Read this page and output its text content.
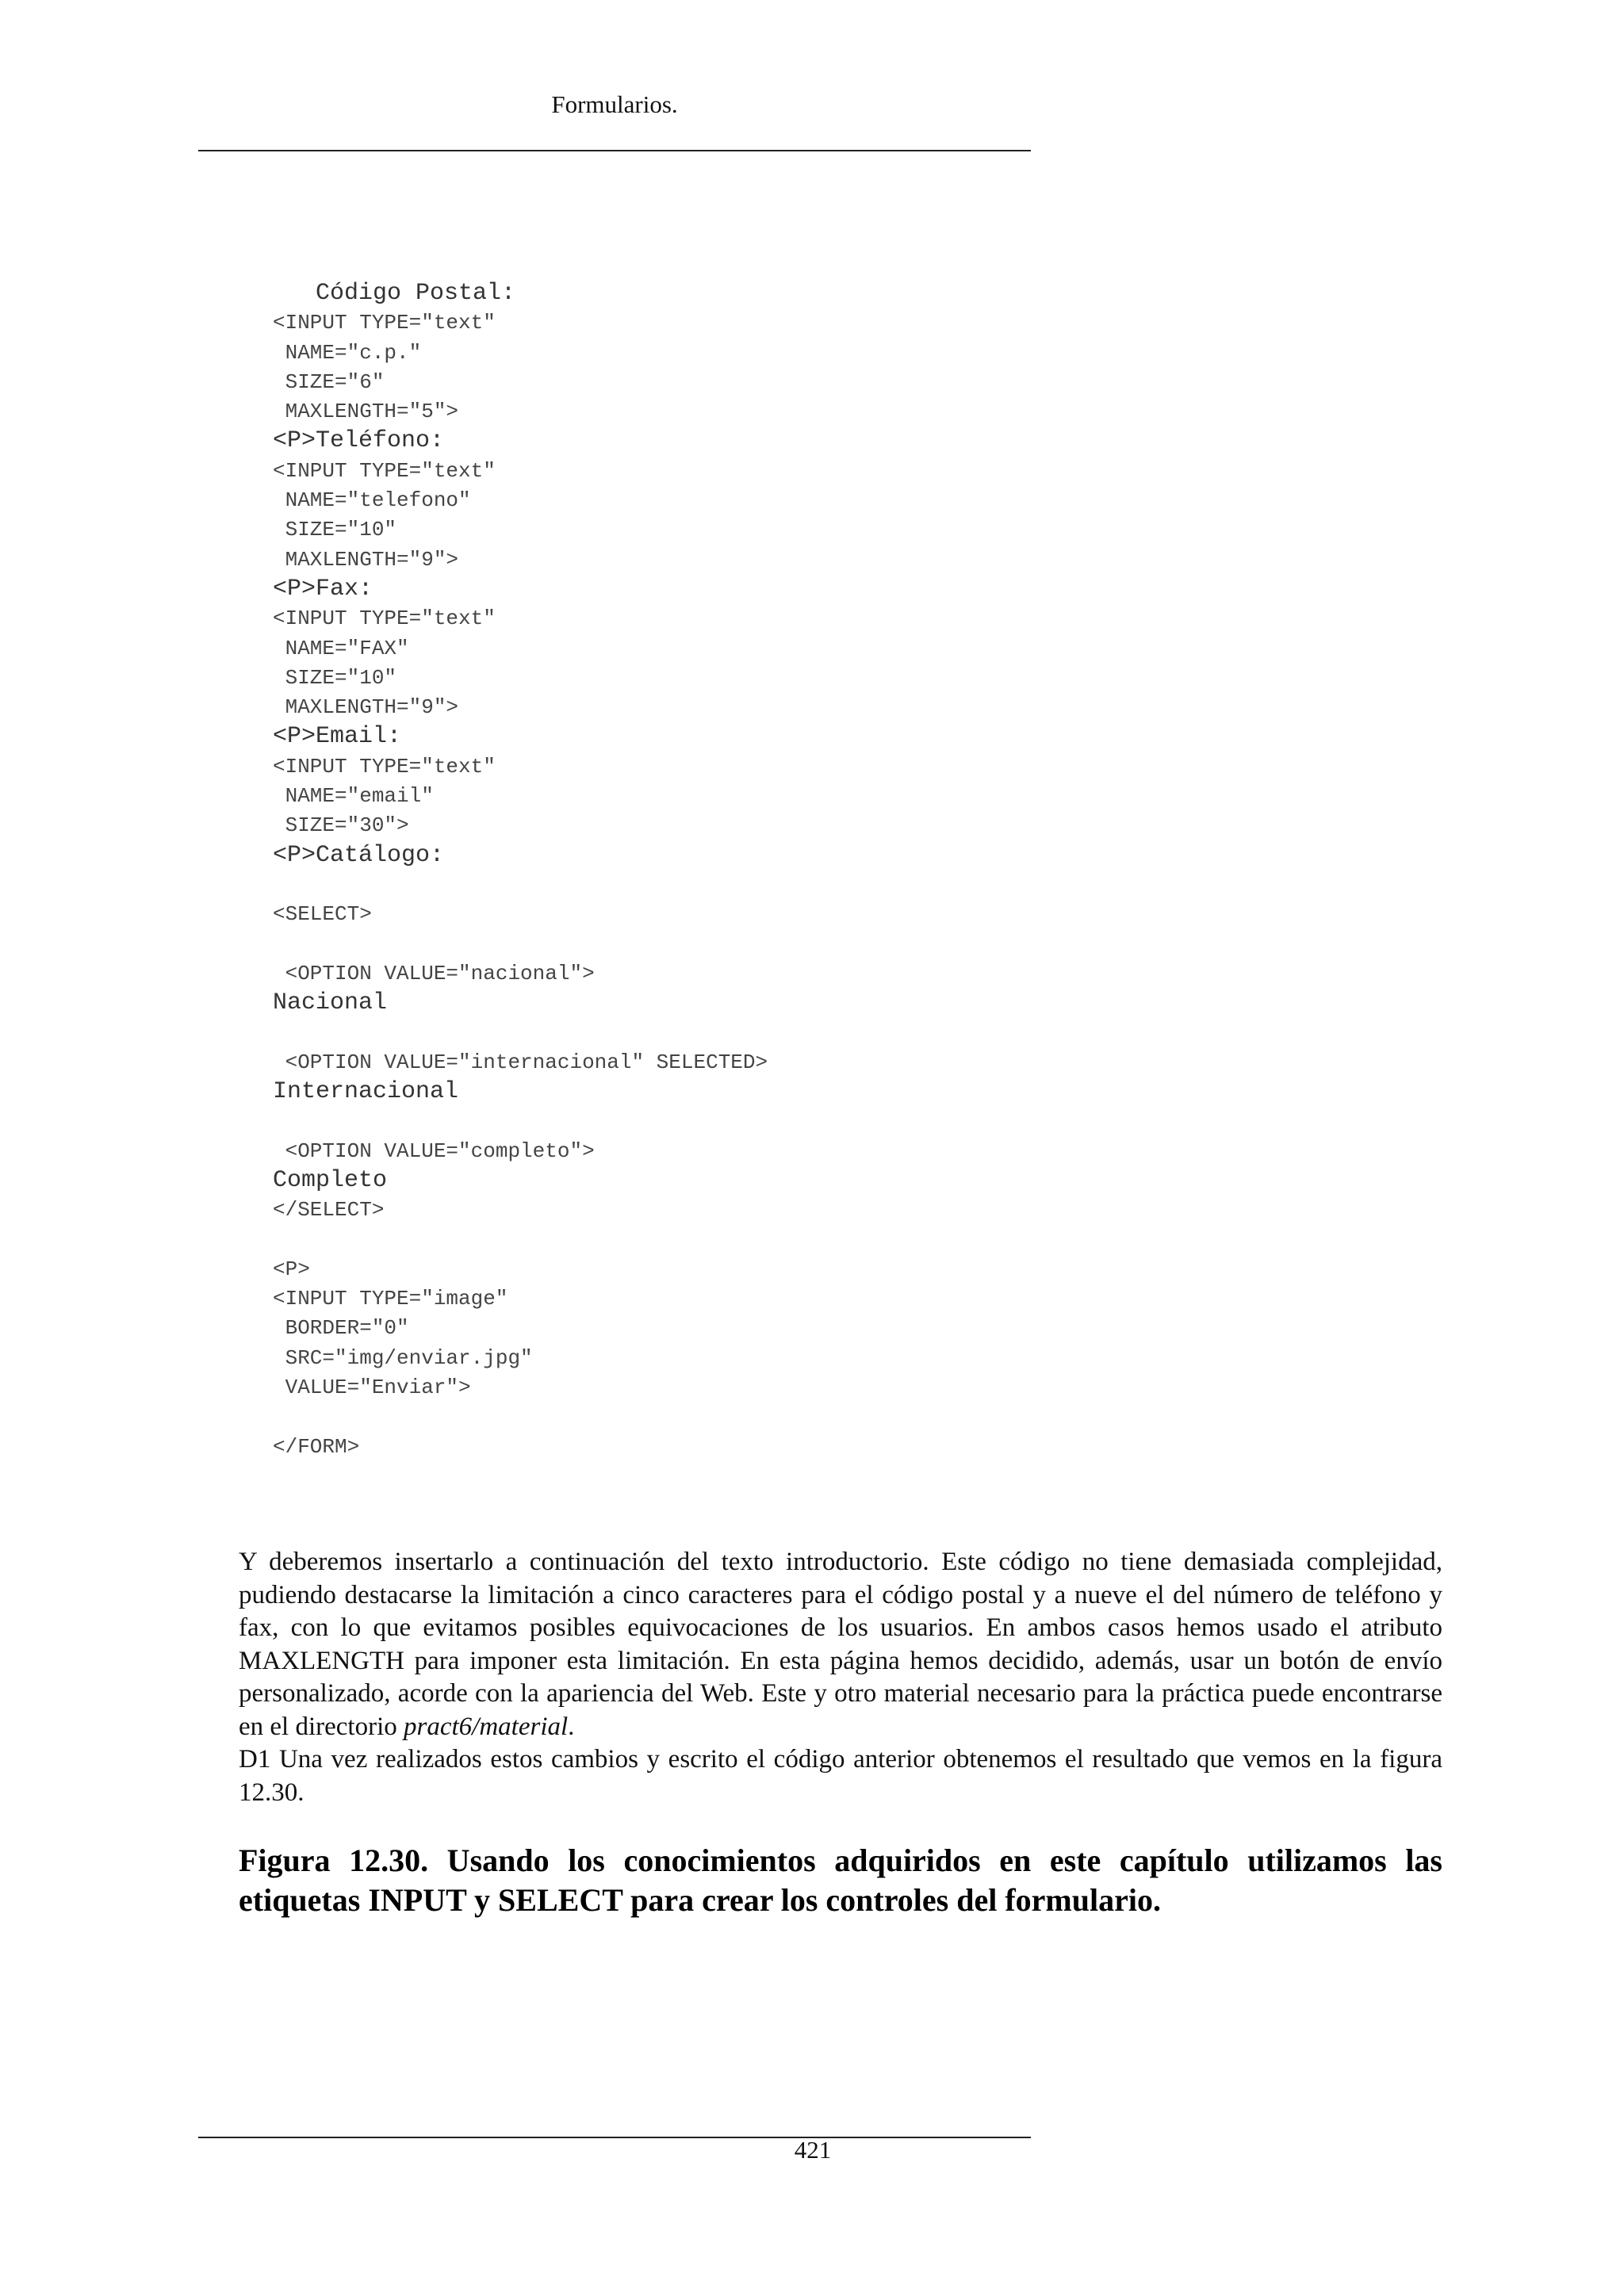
Formularios.
Código Postal:
<INPUT TYPE="text"
NAME="c.p."
SIZE="6"
MAXLENGTH="5">
<P>Teléfono:
<INPUT TYPE="text"
NAME="telefono"
SIZE="10"
MAXLENGTH="9">
<P>Fax:
<INPUT TYPE="text"
NAME="FAX"
SIZE="10"
MAXLENGTH="9">
<P>Email:
<INPUT TYPE="text"
NAME="email"
SIZE="30">
<P>Catálogo:
<SELECT>
<OPTION VALUE="nacional">
Nacional
<OPTION VALUE="internacional" SELECTED>
Internacional
<OPTION VALUE="completo">
Completo
</SELECT>
<P>
<INPUT TYPE="image"
BORDER="0"
SRC="img/enviar.jpg"
VALUE="Enviar">
</FORM>

Y deberemos insertarlo a continuación del texto introductorio. Este código no tiene demasiada complejidad, pudiendo destacarse la limitación a cinco caracteres para el código postal y a nueve el del número de teléfono y fax, con lo que evitamos posibles equivocaciones de los usuarios. En ambos casos hemos usado el atributo MAXLENGTH para imponer esta limitación. En esta página hemos decidido, además, usar un botón de envío personalizado, acorde con la apariencia del Web. Este y otro material necesario para la práctica puede encontrarse en el directorio pract6/material.

D1 Una vez realizados estos cambios y escrito el código anterior obtenemos el resultado que vemos en la figura 12.30.

Figura 12.30. Usando los conocimientos adquiridos en este capítulo utilizamos las etiquetas INPUT y SELECT para crear los controles del formulario.

421
